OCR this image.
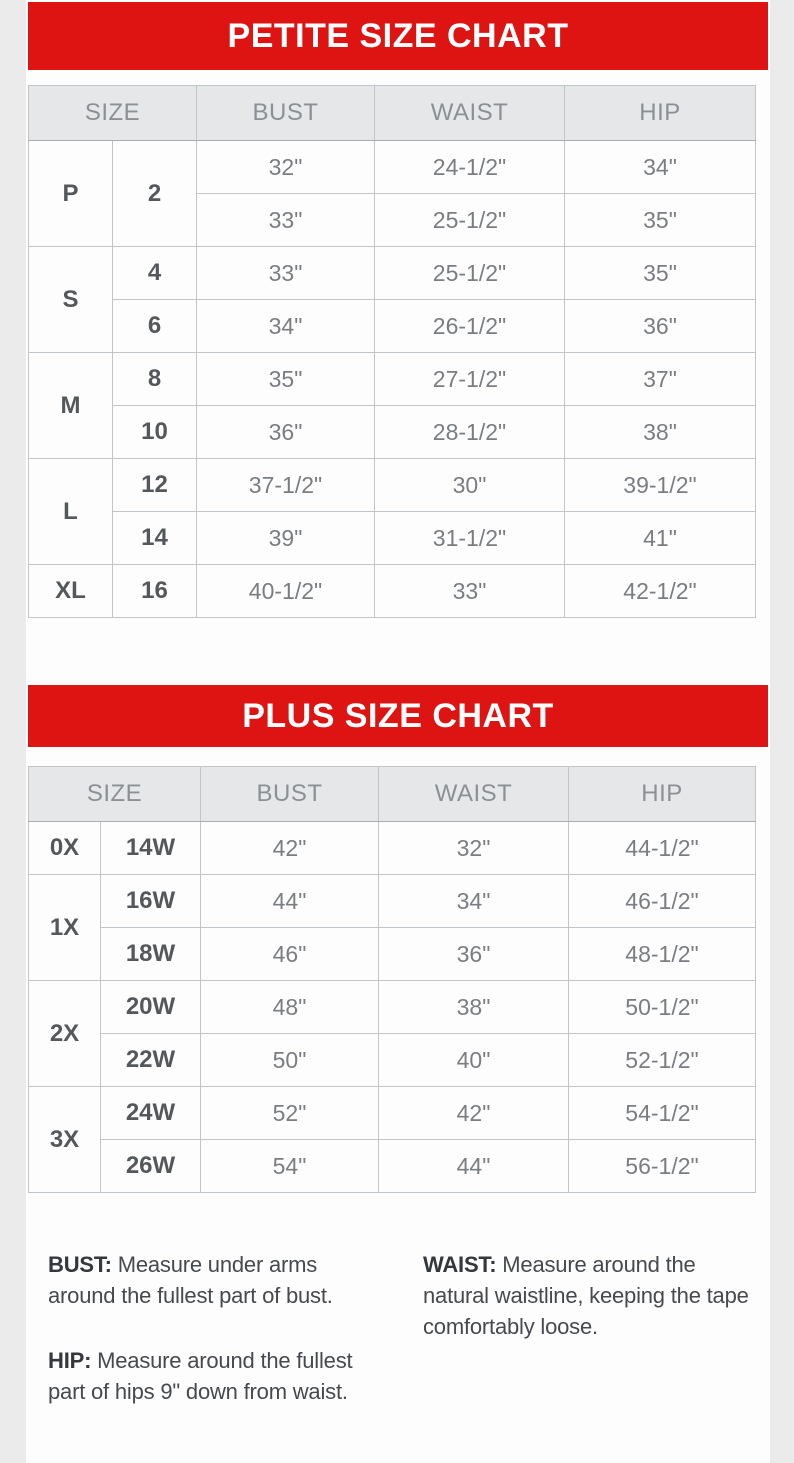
PETITE SIZE CHART
SIZE		BUST	WAIST	HIP
P	2	32"	24-1/2"	34"
		33"	25-1/2"	35"
S	4	33"	25-1/2"	35"
	6	34"	26-1/2"	36"
M	8	35"	27-1/2"	37"
	10	36"	28-1/2"	38"
L	12	37-1/2"	30"	39-1/2"
	14	39"	31-1/2"	41"
XL	16	40-1/2"	33"	42-1/2"
PLUS SIZE CHART
SIZE		BUST	WAIST	HIP
0X	14W	42"	32"	44-1/2"
1X	16W	44"	34"	46-1/2"
	18W	46"	36"	48-1/2"
2X	20W	48"	38"	50-1/2"
	22W	50"	40"	52-1/2"
3X	24W	52"	42"	54-1/2"
	26W	54"	44"	56-1/2"

BUST: Measure under arms around the fullest part of bust.

HIP: Measure around the fullest part of hips 9" down from waist.

WAIST: Measure around the natural waistline, keeping the tape comfortably loose.
